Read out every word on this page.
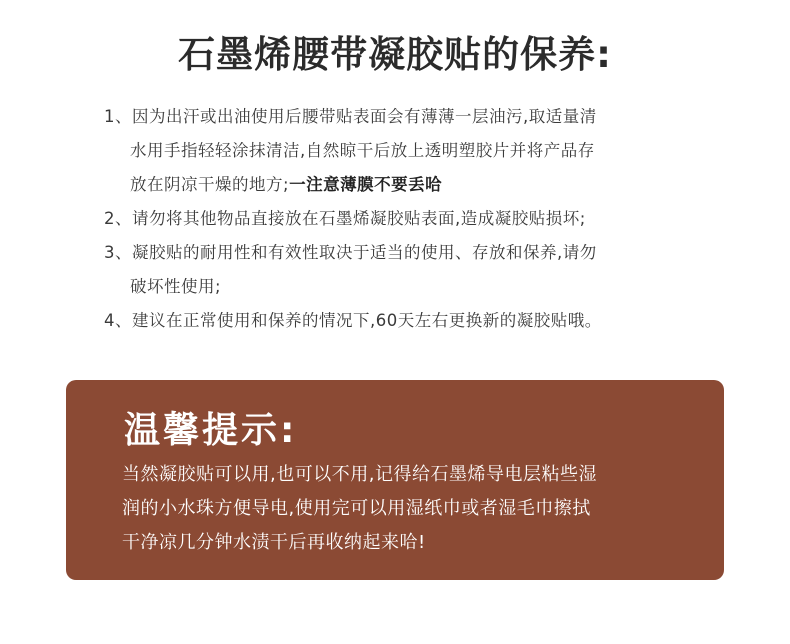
石墨烯腰带凝胶贴的保养:
1、因为出汗或出油使用后腰带贴表面会有薄薄一层油污,取适量清
水用手指轻轻涂抹清洁,自然晾干后放上透明塑胶片并将产品存
放在阴凉干燥的地方;一注意薄膜不要丢哈
2、请勿将其他物品直接放在石墨烯凝胶贴表面,造成凝胶贴损坏;
3、凝胶贴的耐用性和有效性取决于适当的使用、存放和保养,请勿
破坏性使用;
4、建议在正常使用和保养的情况下,60天左右更换新的凝胶贴哦。
温馨提示:
当然凝胶贴可以用,也可以不用,记得给石墨烯导电层粘些湿
润的小水珠方便导电,使用完可以用湿纸巾或者湿毛巾擦拭
干净凉几分钟水渍干后再收纳起来哈!
